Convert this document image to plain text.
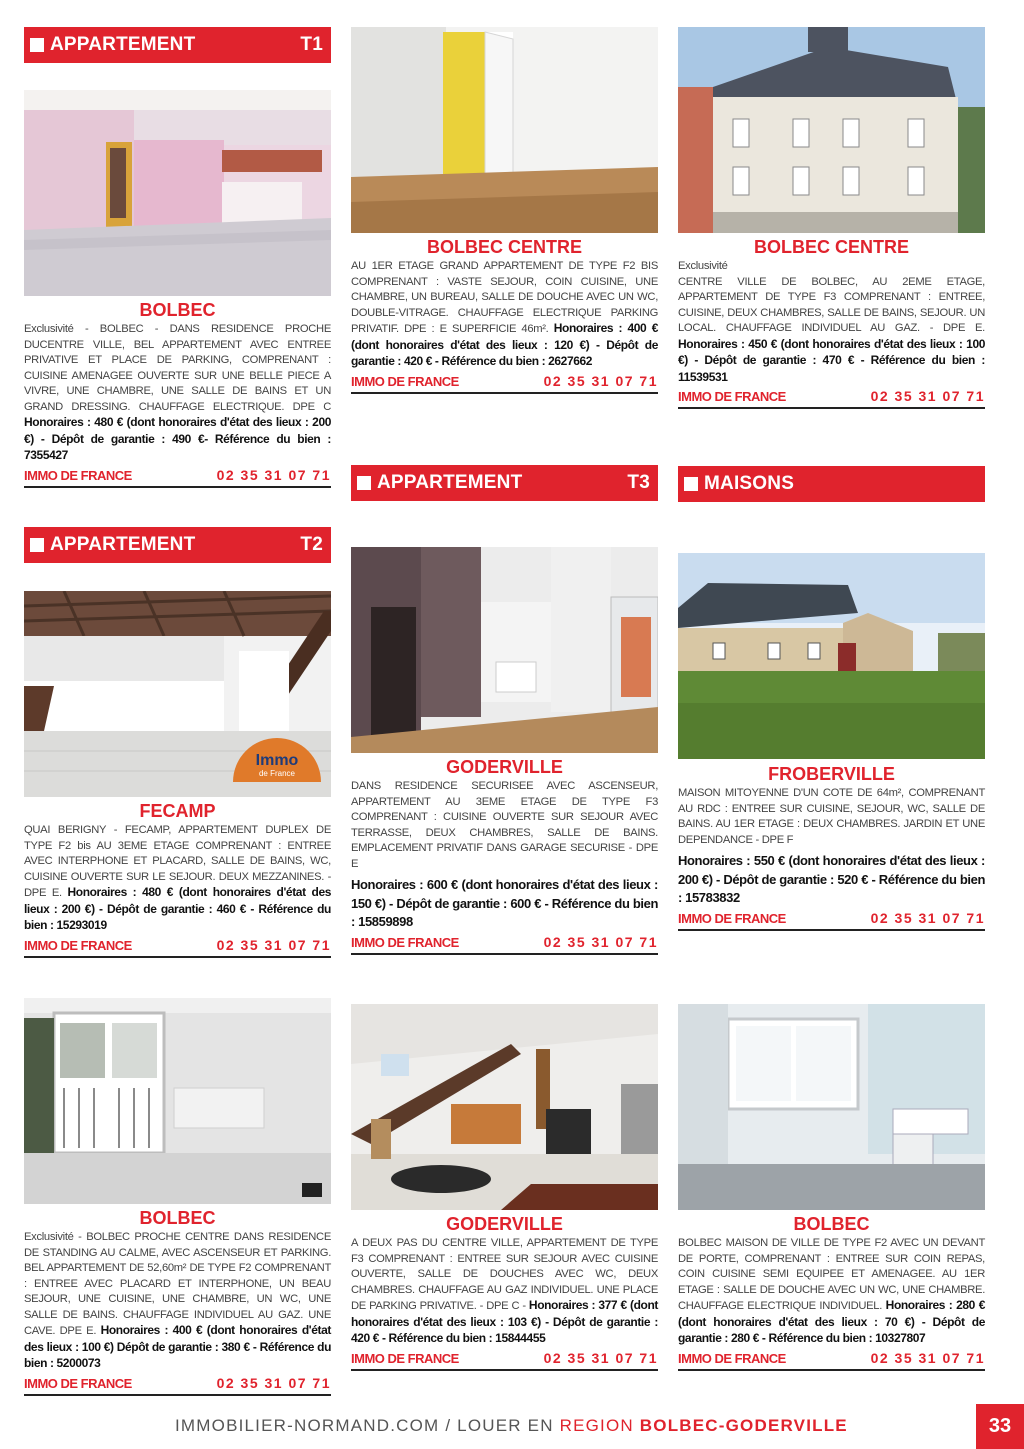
APPARTEMENT	T1
APPARTEMENT	T2
APPARTEMENT	T3	MAISONS
Immo
de France

BOLBEC

Exclusivité - BOLBEC - DANS RESIDENCE PROCHE DUCENTRE VILLE, BEL APPARTEMENT AVEC ENTREE PRIVATIVE ET PLACE DE PARKING, COMPRENANT : CUISINE AMENAGEE OUVERTE SUR UNE BELLE PIECE A VIVRE, UNE CHAMBRE, UNE SALLE DE BAINS ET UN GRAND DRESSING. CHAUFFAGE ELECTRIQUE. DPE C Honoraires : 480 € (dont honoraires d'état des lieux : 200 €) - Dépôt de garantie : 490 €- Référence du bien : 7355427

IMMO DE FRANCE	02 35 31 07 71

BOLBEC CENTRE

AU 1ER ETAGE GRAND APPARTEMENT DE TYPE F2 BIS COMPRENANT : VASTE SEJOUR, COIN CUISINE, UNE CHAMBRE, UN BUREAU, SALLE DE DOUCHE AVEC UN WC, DOUBLE-VITRAGE. CHAUFFAGE ELECTRIQUE PARKING PRIVATIF. DPE : E SUPERFICIE 46m². Honoraires : 400 € (dont honoraires d'état des lieux : 120 €) - Dépôt de garantie : 420 € - Référence du bien : 2627662

IMMO DE FRANCE	02 35 31 07 71

BOLBEC CENTRE

Exclusivité
CENTRE VILLE DE BOLBEC, AU 2EME ETAGE, APPARTEMENT DE TYPE F3 COMPRENANT : ENTREE, CUISINE, DEUX CHAMBRES, SALLE DE BAINS, SEJOUR. UN LOCAL. CHAUFFAGE INDIVIDUEL AU GAZ. - DPE E. Honoraires : 450 € (dont honoraires d'état des lieux : 100 €) - Dépôt de garantie : 470 € - Référence du bien : 11539531

IMMO DE FRANCE	02 35 31 07 71

FECAMP

QUAI BERIGNY - FECAMP, APPARTEMENT DUPLEX DE TYPE F2 bis AU 3EME ETAGE COMPRENANT : ENTREE AVEC INTERPHONE ET PLACARD, SALLE DE BAINS, WC, CUISINE OUVERTE SUR LE SEJOUR. DEUX MEZZANINES. - DPE E. Honoraires : 480 € (dont honoraires d'état des lieux : 200 €) - Dépôt de garantie : 460 € - Référence du bien : 15293019

IMMO DE FRANCE	02 35 31 07 71

GODERVILLE

DANS RESIDENCE SECURISEE AVEC ASCENSEUR, APPARTEMENT AU 3EME ETAGE DE TYPE F3 COMPRENANT : CUISINE OUVERTE SUR SEJOUR AVEC TERRASSE, DEUX CHAMBRES, SALLE DE BAINS. EMPLACEMENT PRIVATIF DANS GARAGE SECURISE - DPE E

Honoraires : 600 € (dont honoraires d'état des lieux : 150 €) - Dépôt de garantie : 600 € - Référence du bien : 15859898

IMMO DE FRANCE	02 35 31 07 71

FROBERVILLE

MAISON MITOYENNE D'UN COTE DE 64m², COMPRENANT AU RDC : ENTREE SUR CUISINE, SEJOUR, WC, SALLE DE BAINS. AU 1ER ETAGE : DEUX CHAMBRES. JARDIN ET UNE DEPENDANCE - DPE F

Honoraires : 550 € (dont honoraires d'état des lieux : 200 €) - Dépôt de garantie : 520 € - Référence du bien : 15783832

IMMO DE FRANCE	02 35 31 07 71

BOLBEC

Exclusivité - BOLBEC PROCHE CENTRE DANS RESIDENCE DE STANDING AU CALME, AVEC ASCENSEUR ET PARKING. BEL APPARTEMENT DE 52,60m² DE TYPE F2 COMPRENANT : ENTREE AVEC PLACARD ET INTERPHONE, UN BEAU SEJOUR, UNE CUISINE, UNE CHAMBRE, UN WC, UNE SALLE DE BAINS. CHAUFFAGE INDIVIDUEL AU GAZ. UNE CAVE. DPE E. Honoraires : 400 € (dont honoraires d'état des lieux : 100 €) Dépôt de garantie : 380 € - Référence du bien : 5200073

IMMO DE FRANCE	02 35 31 07 71

GODERVILLE

A DEUX PAS DU CENTRE VILLE, APPARTEMENT DE TYPE F3 COMPRENANT : ENTREE SUR SEJOUR AVEC CUISINE OUVERTE, SALLE DE DOUCHES AVEC WC, DEUX CHAMBRES. CHAUFFAGE AU GAZ INDIVIDUEL. UNE PLACE DE PARKING PRIVATIVE. - DPE C - Honoraires : 377 € (dont honoraires d'état des lieux : 103 €) - Dépôt de garantie : 420 € - Référence du bien : 15844455

IMMO DE FRANCE	02 35 31 07 71

BOLBEC

BOLBEC MAISON DE VILLE DE TYPE F2 AVEC UN DEVANT DE PORTE, COMPRENANT : ENTREE SUR COIN REPAS, COIN CUISINE SEMI EQUIPEE ET AMENAGEE. AU 1ER ETAGE : SALLE DE DOUCHE AVEC UN WC, UNE CHAMBRE. CHAUFFAGE ELECTRIQUE INDIVIDUEL. Honoraires : 280 € (dont honoraires d'état des lieux : 70 €) - Dépôt de garantie : 280 € - Référence du bien : 10327807

IMMO DE FRANCE	02 35 31 07 71
IMMOBILIER-NORMAND.COM / LOUER EN REGION BOLBEC-GODERVILLE	33
